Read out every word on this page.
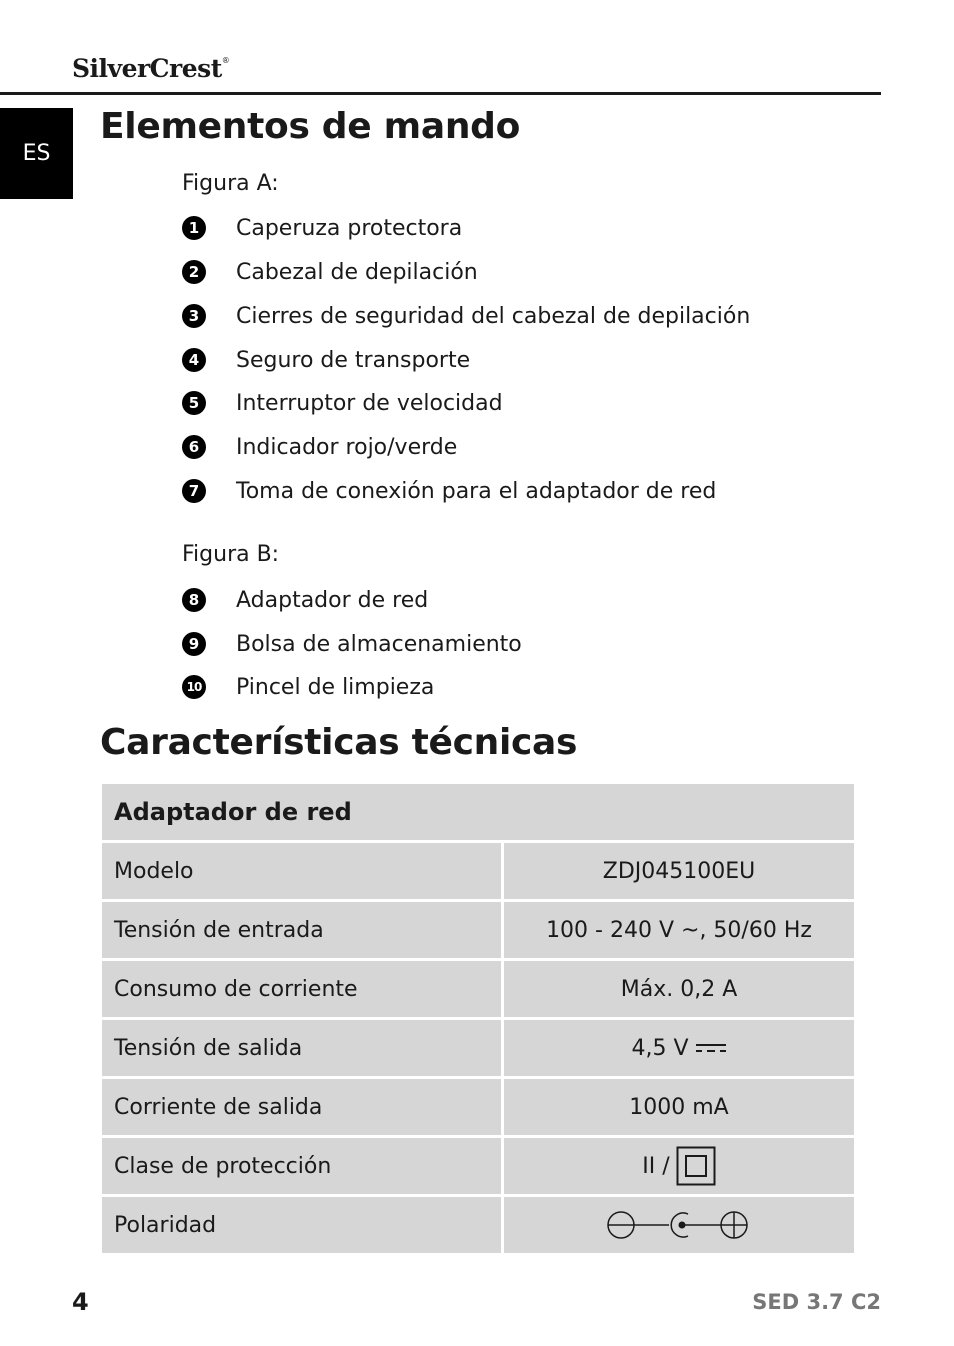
SilverCrest®
ES
Elementos de mando
Figura A:
1	Caperuza protectora
2	Cabezal de depilación
3	Cierres de seguridad del cabezal de depilación
4	Seguro de transporte
5	Interruptor de velocidad
6	Indicador rojo/verde
7	Toma de conexión para el adaptador de red
Figura B:
8	Adaptador de red
9	Bolsa de almacenamiento
10 Pincel de limpieza
Características técnicas
Adaptador de red
Modelo	ZDJ045100EU
Tensión de entrada	100 - 240 V ~, 50/60 Hz
Consumo de corriente	Máx. 0,2 A
Tensión de salida	4,5 V
Corriente de salida	1000 mA
Clase de protección	II /
Polaridad
4	SED 3.7 C2
